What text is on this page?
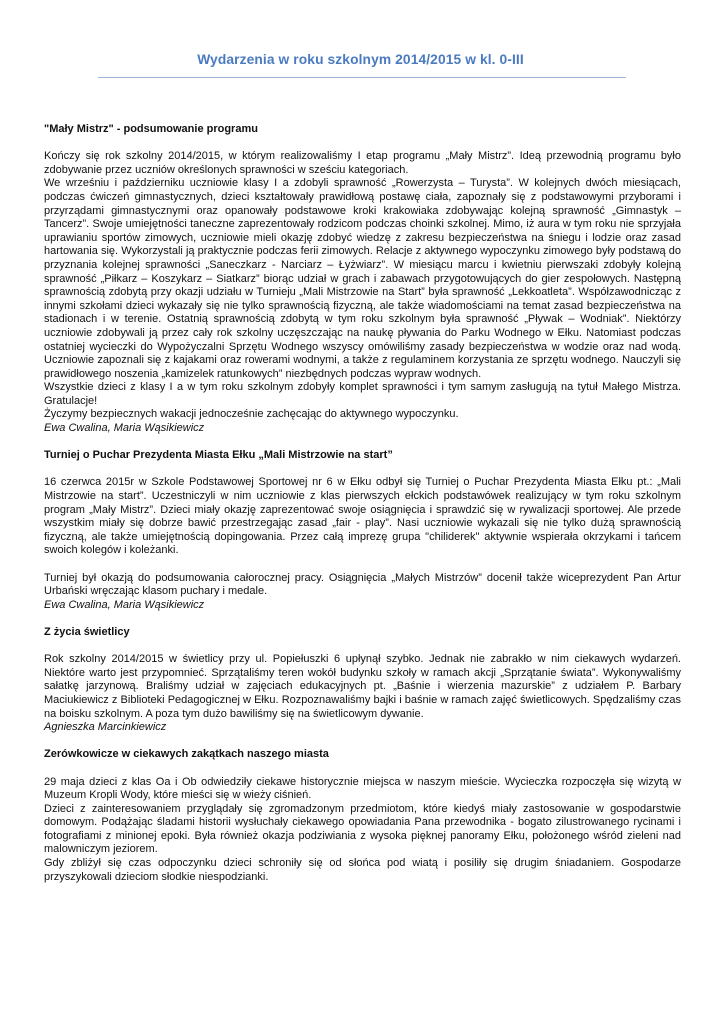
Wydarzenia w roku szkolnym 2014/2015 w kl. 0-III

"Mały Mistrz" - podsumowanie programu

Kończy się rok szkolny 2014/2015, w którym realizowaliśmy I etap programu „Mały Mistrz”. Ideą przewodnią programu było zdobywanie przez uczniów określonych sprawności w sześciu kategoriach.

We wrześniu i październiku uczniowie klasy I a zdobyli sprawność „Rowerzysta – Turysta”. W kolejnych dwóch miesiącach, podczas ćwiczeń gimnastycznych, dzieci kształtowały prawidłową postawę ciała, zapoznały się z podstawowymi przyborami i przyrządami gimnastycznymi oraz opanowały podstawowe kroki krakowiaka zdobywając kolejną sprawność „Gimnastyk – Tancerz”. Swoje umiejętności taneczne zaprezentowały rodzicom podczas choinki szkolnej. Mimo, iż aura w tym roku nie sprzyjała uprawianiu sportów zimowych, uczniowie mieli okazję zdobyć wiedzę z zakresu bezpieczeństwa na śniegu i lodzie oraz zasad hartowania się. Wykorzystali ją praktycznie podczas ferii zimowych. Relacje z aktywnego wypoczynku zimowego były podstawą do przyznania kolejnej sprawności „Saneczkarz - Narciarz – Łyżwiarz”. W miesiącu marcu i kwietniu pierwszaki zdobyły kolejną sprawność „Piłkarz – Koszykarz – Siatkarz” biorąc udział w grach i zabawach przygotowujących do gier zespołowych. Następną sprawnością zdobytą przy okazji udziału w Turnieju „Mali Mistrzowie na Start” była sprawność „Lekkoatleta”. Współzawodnicząc z innymi szkołami dzieci wykazały się nie tylko sprawnością fizyczną, ale także wiadomościami na temat zasad bezpieczeństwa na stadionach i w terenie. Ostatnią sprawnością zdobytą w tym roku szkolnym była sprawność „Pływak – Wodniak”. Niektórzy uczniowie zdobywali ją przez cały rok szkolny uczęszczając na naukę pływania do Parku Wodnego w Ełku. Natomiast podczas ostatniej wycieczki do Wypożyczalni Sprzętu Wodnego wszyscy omówiliśmy zasady bezpieczeństwa w wodzie oraz nad wodą. Uczniowie zapoznali się z kajakami oraz rowerami wodnymi, a także z regulaminem korzystania ze sprzętu wodnego. Nauczyli się prawidłowego noszenia „kamizelek ratunkowych” niezbędnych podczas wypraw wodnych.

Wszystkie dzieci z klasy I a w tym roku szkolnym zdobyły komplet sprawności i tym samym zasługują na tytuł Małego Mistrza. Gratulacje!

Życzymy bezpiecznych wakacji jednocześnie zachęcając do aktywnego wypoczynku.

Ewa Cwalina, Maria Wąsikiewicz

Turniej o Puchar Prezydenta Miasta Ełku „Mali Mistrzowie na start”

16 czerwca 2015r w Szkole Podstawowej Sportowej nr 6 w Ełku odbył się Turniej o Puchar Prezydenta Miasta Ełku pt.: „Mali Mistrzowie na start”. Uczestniczyli w nim uczniowie z klas pierwszych ełckich podstawówek realizujący w tym roku szkolnym program „Mały Mistrz”. Dzieci miały okazję zaprezentować swoje osiągnięcia i sprawdzić się w rywalizacji sportowej. Ale przede wszystkim miały się dobrze bawić przestrzegając zasad „fair - play”. Nasi uczniowie wykazali się nie tylko dużą sprawnością fizyczną, ale także umiejętnością dopingowania. Przez całą imprezę grupa "chiliderek" aktywnie wspierała okrzykami i tańcem swoich kolegów i koleżanki.

Turniej był okazją do podsumowania całorocznej pracy. Osiągnięcia „Małych Mistrzów” docenił także wiceprezydent Pan Artur Urbański wręczając klasom puchary i medale.

Ewa Cwalina, Maria Wąsikiewicz

Z życia świetlicy

Rok szkolny 2014/2015 w świetlicy przy ul. Popiełuszki 6 upłynął szybko. Jednak nie zabrakło w nim ciekawych wydarzeń. Niektóre warto jest przypomnieć. Sprzątaliśmy teren wokół budynku szkoły w ramach akcji „Sprzątanie świata”. Wykonywaliśmy sałatkę jarzynową. Braliśmy udział w zajęciach edukacyjnych pt. „Baśnie i wierzenia mazurskie” z udziałem P. Barbary Maciukiewicz z Biblioteki Pedagogicznej w Ełku. Rozpoznawaliśmy bajki i baśnie w ramach zajęć świetlicowych. Spędzaliśmy czas na boisku szkolnym. A poza tym dużo bawiliśmy się na świetlicowym dywanie.

Agnieszka Marcinkiewicz

Zerówkowicze w ciekawych zakątkach naszego miasta

29 maja dzieci z klas Oa i Ob odwiedziły ciekawe historycznie miejsca w naszym mieście. Wycieczka rozpoczęła się wizytą w Muzeum Kropli Wody, które mieści się w wieży ciśnień.

Dzieci z zainteresowaniem przyglądały się zgromadzonym przedmiotom, które kiedyś miały zastosowanie w gospodarstwie domowym. Podążając śladami historii wysłuchały ciekawego opowiadania Pana przewodnika - bogato zilustrowanego rycinami i fotografiami z minionej epoki. Była również okazja podziwiania z wysoka pięknej panoramy Ełku, położonego wśród zieleni nad malowniczym jeziorem.

Gdy zbliżył się czas odpoczynku dzieci schroniły się od słońca pod wiatą i posiliły się drugim śniadaniem. Gospodarze przyszykowali dzieciom słodkie niespodzianki.
